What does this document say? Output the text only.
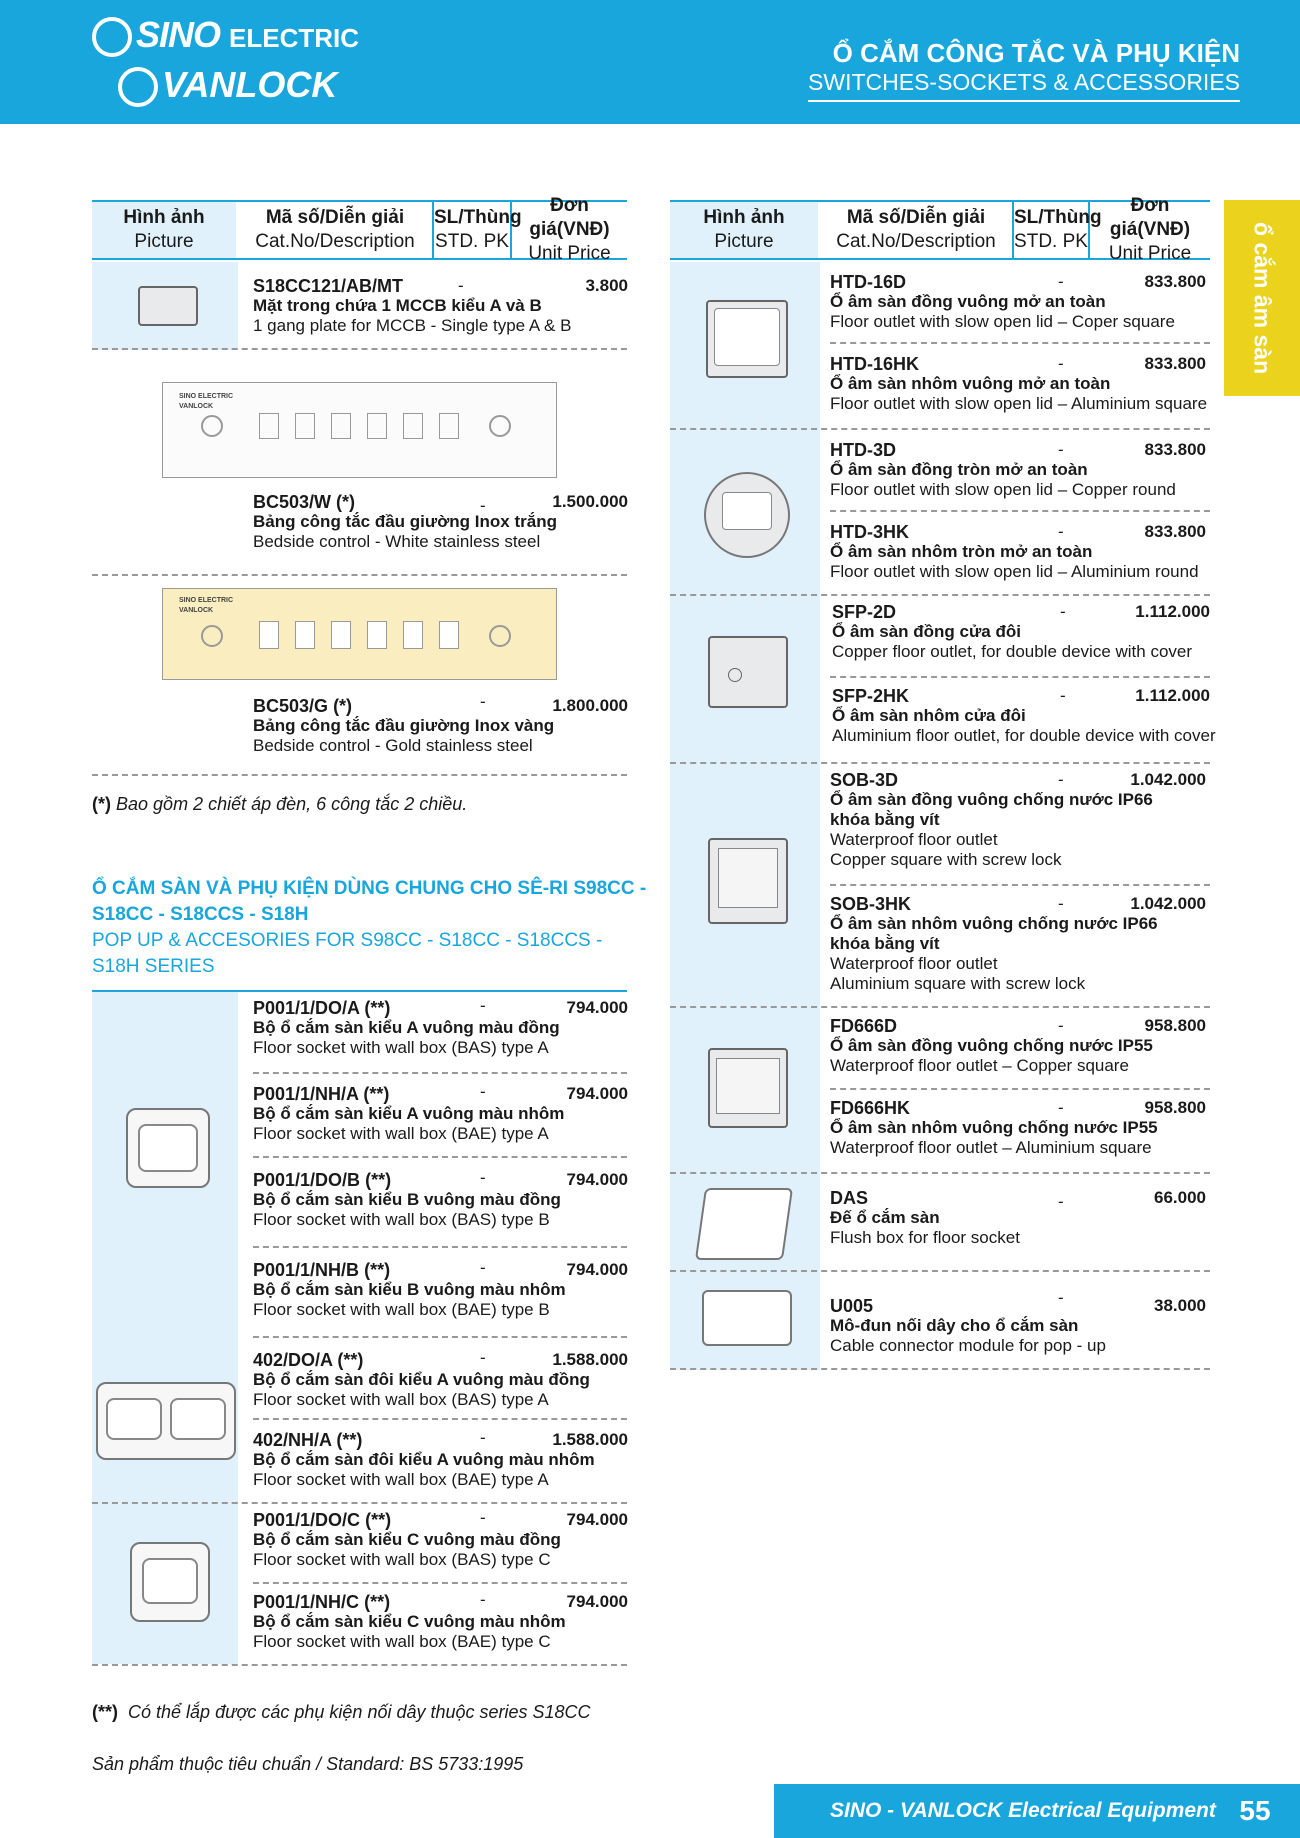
SINO ELECTRIC
VANLOCK
Ổ CẮM CÔNG TẮC VÀ PHỤ KIỆN
SWITCHES-SOCKETS & ACCESSORIES
ổ cắm âm sàn
Hình ảnh
Picture
Mã số/Diễn giải
Cat.No/Description
SL/Thùng
STD. PK
Đơn giá(VNĐ)
Unit Price
S18CC121/AB/MT
Mặt trong chứa 1 MCCB kiểu A và B
1 gang plate for MCCB - Single type A & B
-	3.800
SINO ELECTRIC
VANLOCK
BC503/W (*)
Bảng công tắc đầu giường Inox trắng
Bedside control - White stainless steel
-	1.500.000
SINO ELECTRIC
VANLOCK
BC503/G (*)
Bảng công tắc đầu giường Inox vàng
Bedside control - Gold stainless steel
-	1.800.000
(*) Bao gồm 2 chiết áp đèn, 6 công tắc 2 chiều.
Ổ CẮM SÀN VÀ PHỤ KIỆN DÙNG CHUNG CHO SÊ-RI S98CC -
S18CC - S18CCS - S18H
POP UP & ACCESORIES FOR S98CC - S18CC - S18CCS -
S18H SERIES
P001/1/DO/A (**)
Bộ ổ cắm sàn kiểu A vuông màu đồng
Floor socket with wall box (BAS) type A
-	794.000
P001/1/NH/A (**)
Bộ ổ cắm sàn kiểu A vuông màu nhôm
Floor socket with wall box (BAE) type A
-	794.000
P001/1/DO/B (**)
Bộ ổ cắm sàn kiểu B vuông màu đồng
Floor socket with wall box (BAS) type B
-	794.000
P001/1/NH/B (**)
Bộ ổ cắm sàn kiểu B vuông màu nhôm
Floor socket with wall box (BAE) type B
-	794.000
402/DO/A (**)
Bộ ổ cắm sàn đôi kiểu A vuông màu đồng
Floor socket with wall box (BAS) type A
-	1.588.000
402/NH/A (**)
Bộ ổ cắm sàn đôi kiểu A vuông màu nhôm
Floor socket with wall box (BAE) type A
-	1.588.000
P001/1/DO/C (**)
Bộ ổ cắm sàn kiểu C vuông màu đồng
Floor socket with wall box (BAS) type C
-	794.000
P001/1/NH/C (**)
Bộ ổ cắm sàn kiểu C vuông màu nhôm
Floor socket with wall box (BAE) type C
-	794.000
(**) Có thể lắp được các phụ kiện nối dây thuộc series S18CC
Sản phẩm thuộc tiêu chuẩn / Standard: BS 5733:1995
Hình ảnh
Picture
Mã số/Diễn giải
Cat.No/Description
SL/Thùng
STD. PK
Đơn giá(VNĐ)
Unit Price
HTD-16D
Ổ âm sàn đồng vuông mở an toàn
Floor outlet with slow open lid – Coper square
-	833.800
HTD-16HK
Ổ âm sàn nhôm vuông mở an toàn
Floor outlet with slow open lid – Aluminium square
-	833.800
HTD-3D
Ổ âm sàn đồng tròn mở an toàn
Floor outlet with slow open lid – Copper round
-	833.800
HTD-3HK
Ổ âm sàn nhôm tròn mở an toàn
Floor outlet with slow open lid – Aluminium round
-	833.800
SFP-2D
Ổ âm sàn đồng cửa đôi
Copper floor outlet, for double device with cover
-	1.112.000
SFP-2HK
Ổ âm sàn nhôm cửa đôi
Aluminium floor outlet, for double device with cover
-	1.112.000
SOB-3D
Ổ âm sàn đồng vuông chống nước IP66
khóa bằng vít
Waterproof floor outlet
Copper square with screw lock
-	1.042.000
SOB-3HK
Ổ âm sàn nhôm vuông chống nước IP66
khóa bằng vít
Waterproof floor outlet
Aluminium square with screw lock
-	1.042.000
FD666D
Ổ âm sàn đồng vuông chống nước IP55
Waterproof floor outlet – Copper square
-	958.800
FD666HK
Ổ âm sàn nhôm vuông chống nước IP55
Waterproof floor outlet – Aluminium square
-	958.800
DAS
Đế ổ cắm sàn
Flush box for floor socket
-	66.000
U005
Mô-đun nối dây cho ổ cắm sàn
Cable connector module for pop - up
-	38.000
SINO - VANLOCK Electrical Equipment 55
